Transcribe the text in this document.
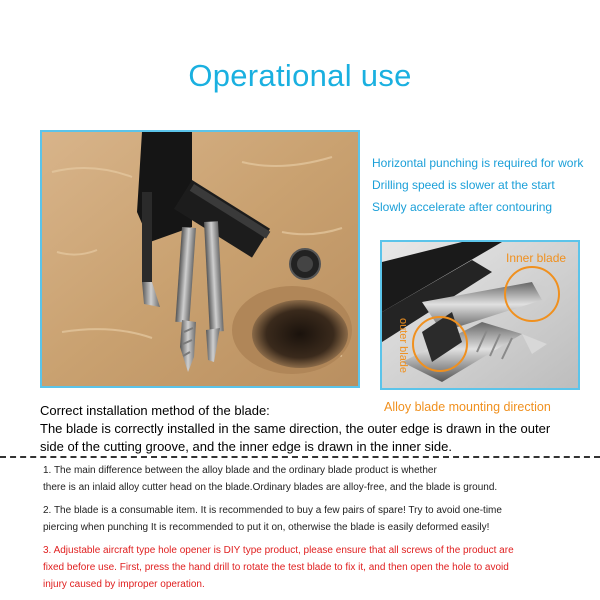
Operational use
Horizontal punching is required for work
Drilling speed is slower at the start
Slowly accelerate after contouring
Inner blade
outer blade
Alloy blade mounting direction
Correct installation method of the blade:
The blade is correctly installed in the same direction, the outer edge is drawn in the outer
side of the cutting groove, and the inner edge is drawn in the inner side.
1. The main difference between the alloy blade and the ordinary blade product is whether
there is an inlaid alloy cutter head on the blade.Ordinary blades are alloy-free, and the blade is ground.
2. The blade is a consumable item. It is recommended to buy a few pairs of spare! Try to avoid one-time
piercing when punching It is recommended to put it on, otherwise the blade is easily deformed easily!
3. Adjustable aircraft type hole opener is DIY type product, please ensure that all screws of the product are
fixed before use. First, press the hand drill to rotate the test blade to fix it, and then open the hole to avoid
injury caused by improper operation.
